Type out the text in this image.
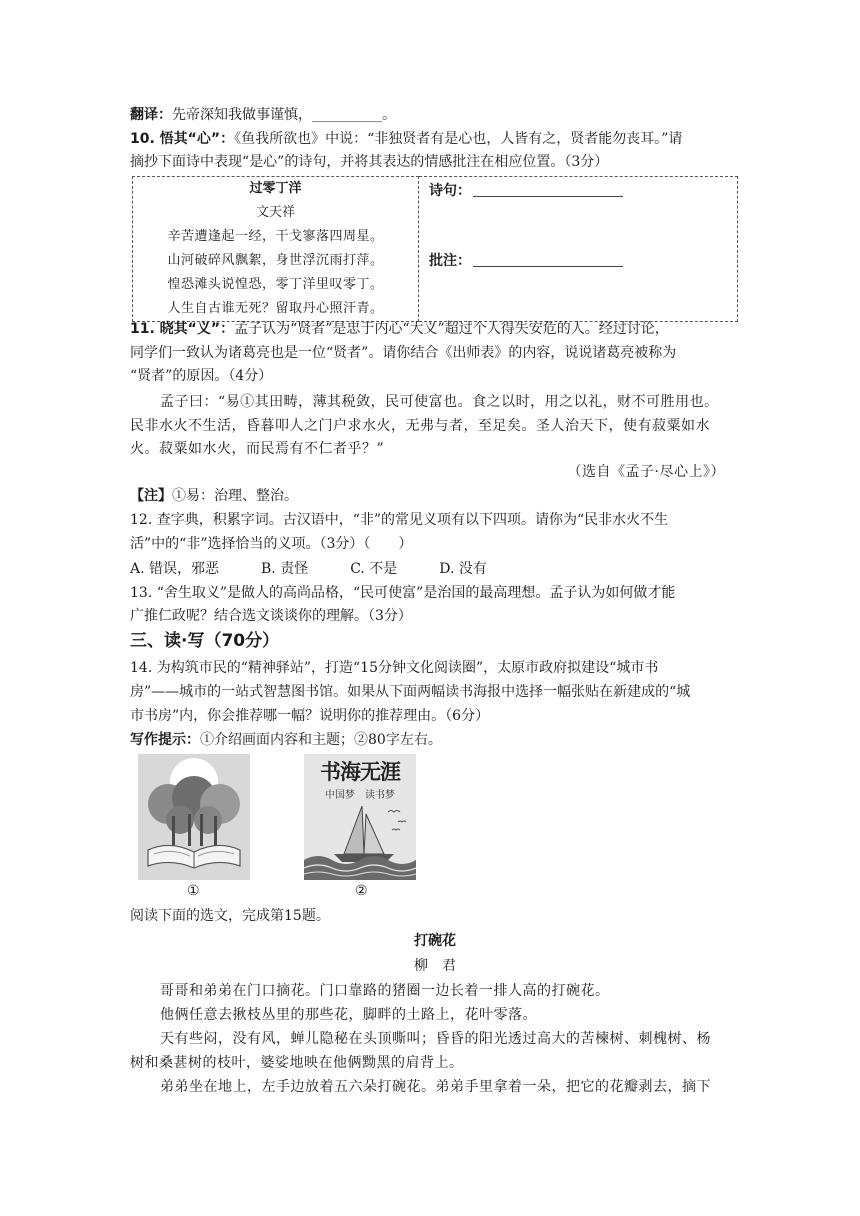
翻译：先帝深知我做事谨慎，__________。
10. 悟其“心”：《鱼我所欲也》中说：“非独贤者有是心也，人皆有之，贤者能勿丧耳。”请
摘抄下面诗中表现“是心”的诗句，并将其表达的情感批注在相应位置。（3分）
过零丁洋
文天祥
辛苦遭逢起一经，干戈寥落四周星。
山河破碎风飘絮，身世浮沉雨打萍。
惶恐滩头说惶恐，零丁洋里叹零丁。
人生自古谁无死？留取丹心照汗青。

诗句：
批注：
11. 晓其“义”：孟子认为“贤者”是忠于内心“大义”超过个人得失安危的人。经过讨论，
同学们一致认为诸葛亮也是一位“贤者”。请你结合《出师表》的内容，说说诸葛亮被称为
“贤者”的原因。（4分）
孟子曰：“易①其田畴，薄其税敛，民可使富也。食之以时，用之以礼，财不可胜用也。
民非水火不生活，昏暮叩人之门户求水火，无弗与者，至足矣。圣人治天下，使有菽粟如水
火。菽粟如水火，而民焉有不仁者乎？”
（选自《孟子·尽心上》）
【注】①易：治理、整治。
12. 查字典，积累字词。古汉语中，“非”的常见义项有以下四项。请你为“民非水火不生
活”中的“非”选择恰当的义项。（3分）（　　）
A. 错误，邪恶　　　B. 责怪　　　C. 不是　　　D. 没有
13. “舍生取义”是做人的高尚品格，“民可使富”是治国的最高理想。孟子认为如何做才能
广推仁政呢？结合选文谈谈你的理解。（3分）
三、读·写（70分）
14. 为构筑市民的“精神驿站”，打造“15分钟文化阅读圈”，太原市政府拟建设“城市书
房”——城市的一站式智慧图书馆。如果从下面两幅读书海报中选择一幅张贴在新建成的“城
市书房”内，你会推荐哪一幅？说明你的推荐理由。（6分）
写作提示：①介绍画面内容和主题；②80字左右。
书海无涯
中国梦　读书梦
①	②
阅读下面的选文，完成第15题。
打碗花
柳　君
哥哥和弟弟在门口摘花。门口靠路的猪圈一边长着一排人高的打碗花。
他俩任意去揪枝丛里的那些花，脚畔的土路上，花叶零落。
天有些闷，没有风，蝉儿隐秘在头顶嘶叫；昏昏的阳光透过高大的苦楝树、刺槐树、杨
树和桑葚树的枝叶，婆娑地映在他俩黝黑的肩背上。
弟弟坐在地上，左手边放着五六朵打碗花。弟弟手里拿着一朵，把它的花瓣剥去，摘下
